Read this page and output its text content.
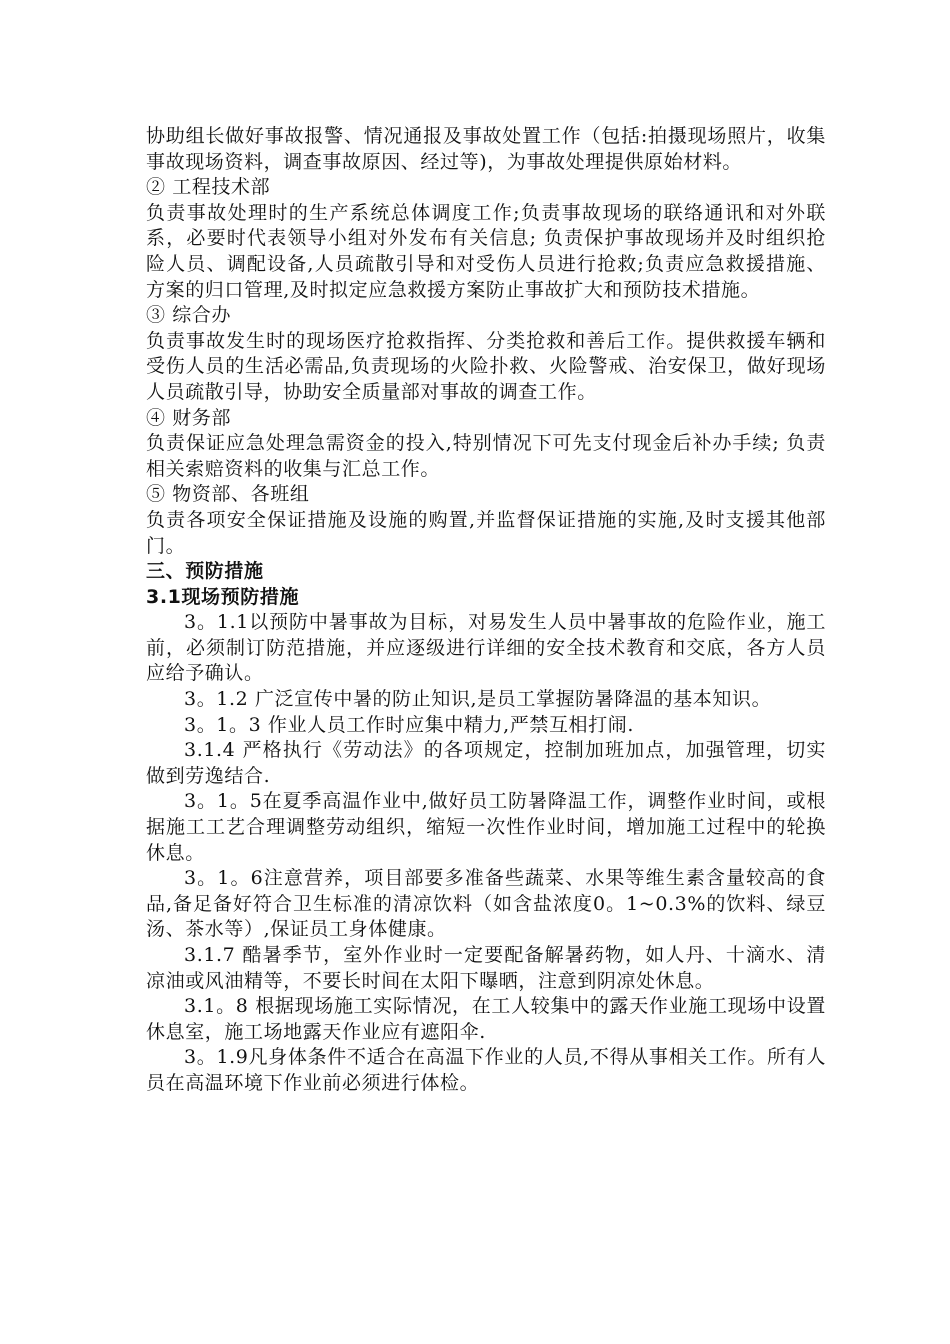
协助组长做好事故报警、情况通报及事故处置工作（包括:拍摄现场照片，收集事故现场资料，调查事故原因、经过等)，为事故处理提供原始材料。

② 工程技术部

负责事故处理时的生产系统总体调度工作;负责事故现场的联络通讯和对外联系，必要时代表领导小组对外发布有关信息; 负责保护事故现场并及时组织抢险人员、调配设备,人员疏散引导和对受伤人员进行抢救;负责应急救援措施、方案的归口管理,及时拟定应急救援方案防止事故扩大和预防技术措施。

③ 综合办

负责事故发生时的现场医疗抢救指挥、分类抢救和善后工作。提供救援车辆和受伤人员的生活必需品,负责现场的火险扑救、火险警戒、治安保卫，做好现场人员疏散引导，协助安全质量部对事故的调查工作。

④ 财务部

负责保证应急处理急需资金的投入,特别情况下可先支付现金后补办手续; 负责相关索赔资料的收集与汇总工作。

⑤ 物资部、各班组

负责各项安全保证措施及设施的购置,并监督保证措施的实施,及时支援其他部门。

三、预防措施

3.1现场预防措施

3。1.1以预防中暑事故为目标，对易发生人员中暑事故的危险作业，施工前，必须制订防范措施，并应逐级进行详细的安全技术教育和交底，各方人员应给予确认。

3。1.2 广泛宣传中暑的防止知识,是员工掌握防暑降温的基本知识。

3。1。3 作业人员工作时应集中精力,严禁互相打闹.

3.1.4 严格执行《劳动法》的各项规定，控制加班加点，加强管理，切实做到劳逸结合.

3。1。5在夏季高温作业中,做好员工防暑降温工作，调整作业时间，或根据施工工艺合理调整劳动组织，缩短一次性作业时间，增加施工过程中的轮换休息。

3。1。6注意营养，项目部要多准备些蔬菜、水果等维生素含量较高的食品,备足备好符合卫生标准的清凉饮料（如含盐浓度0。1~0.3%的饮料、绿豆汤、茶水等）,保证员工身体健康。

3.1.7 酷暑季节，室外作业时一定要配备解暑药物，如人丹、十滴水、清凉油或风油精等，不要长时间在太阳下曝晒，注意到阴凉处休息。

3.1。8 根据现场施工实际情况，在工人较集中的露天作业施工现场中设置休息室，施工场地露天作业应有遮阳伞.

3。1.9凡身体条件不适合在高温下作业的人员,不得从事相关工作。所有人员在高温环境下作业前必须进行体检。
